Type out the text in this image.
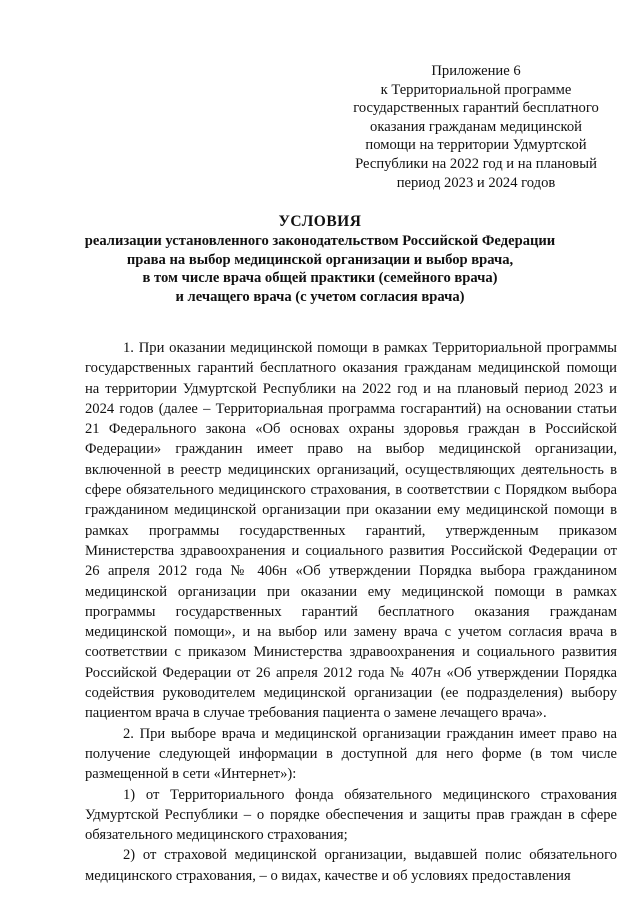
Приложение 6
к Территориальной программе
государственных гарантий бесплатного
оказания гражданам медицинской
помощи на территории Удмуртской
Республики на 2022 год и на плановый
период 2023 и 2024 годов
УСЛОВИЯ
реализации установленного законодательством Российской Федерации
права на выбор медицинской организации и выбор врача,
в том числе врача общей практики (семейного врача)
и лечащего врача (с учетом согласия врача)

1. При оказании медицинской помощи в рамках Территориальной программы государственных гарантий бесплатного оказания гражданам медицинской помощи на территории Удмуртской Республики на 2022 год и на плановый период 2023 и 2024 годов (далее – Территориальная программа госгарантий) на основании статьи 21 Федерального закона «Об основах охраны здоровья граждан в Российской Федерации» гражданин имеет право на выбор медицинской организации, включенной в реестр медицинских организаций, осуществляющих деятельность в сфере обязательного медицинского страхования, в соответствии с Порядком выбора гражданином медицинской организации при оказании ему медицинской помощи в рамках программы государственных гарантий, утвержденным приказом Министерства здравоохранения и социального развития Российской Федерации от 26 апреля 2012 года № 406н «Об утверждении Порядка выбора гражданином медицинской организации при оказании ему медицинской помощи в рамках программы государственных гарантий бесплатного оказания гражданам медицинской помощи», и на выбор или замену врача с учетом согласия врача в соответствии с приказом Министерства здравоохранения и социального развития Российской Федерации от 26 апреля 2012 года № 407н «Об утверждении Порядка содействия руководителем медицинской организации (ее подразделения) выбору пациентом врача в случае требования пациента о замене лечащего врача».

2. При выборе врача и медицинской организации гражданин имеет право на получение следующей информации в доступной для него форме (в том числе размещенной в сети «Интернет»):

1) от Территориального фонда обязательного медицинского страхования Удмуртской Республики – о порядке обеспечения и защиты прав граждан в сфере обязательного медицинского страхования;

2) от страховой медицинской организации, выдавшей полис обязательного медицинского страхования, – о видах, качестве и об условиях предоставления
